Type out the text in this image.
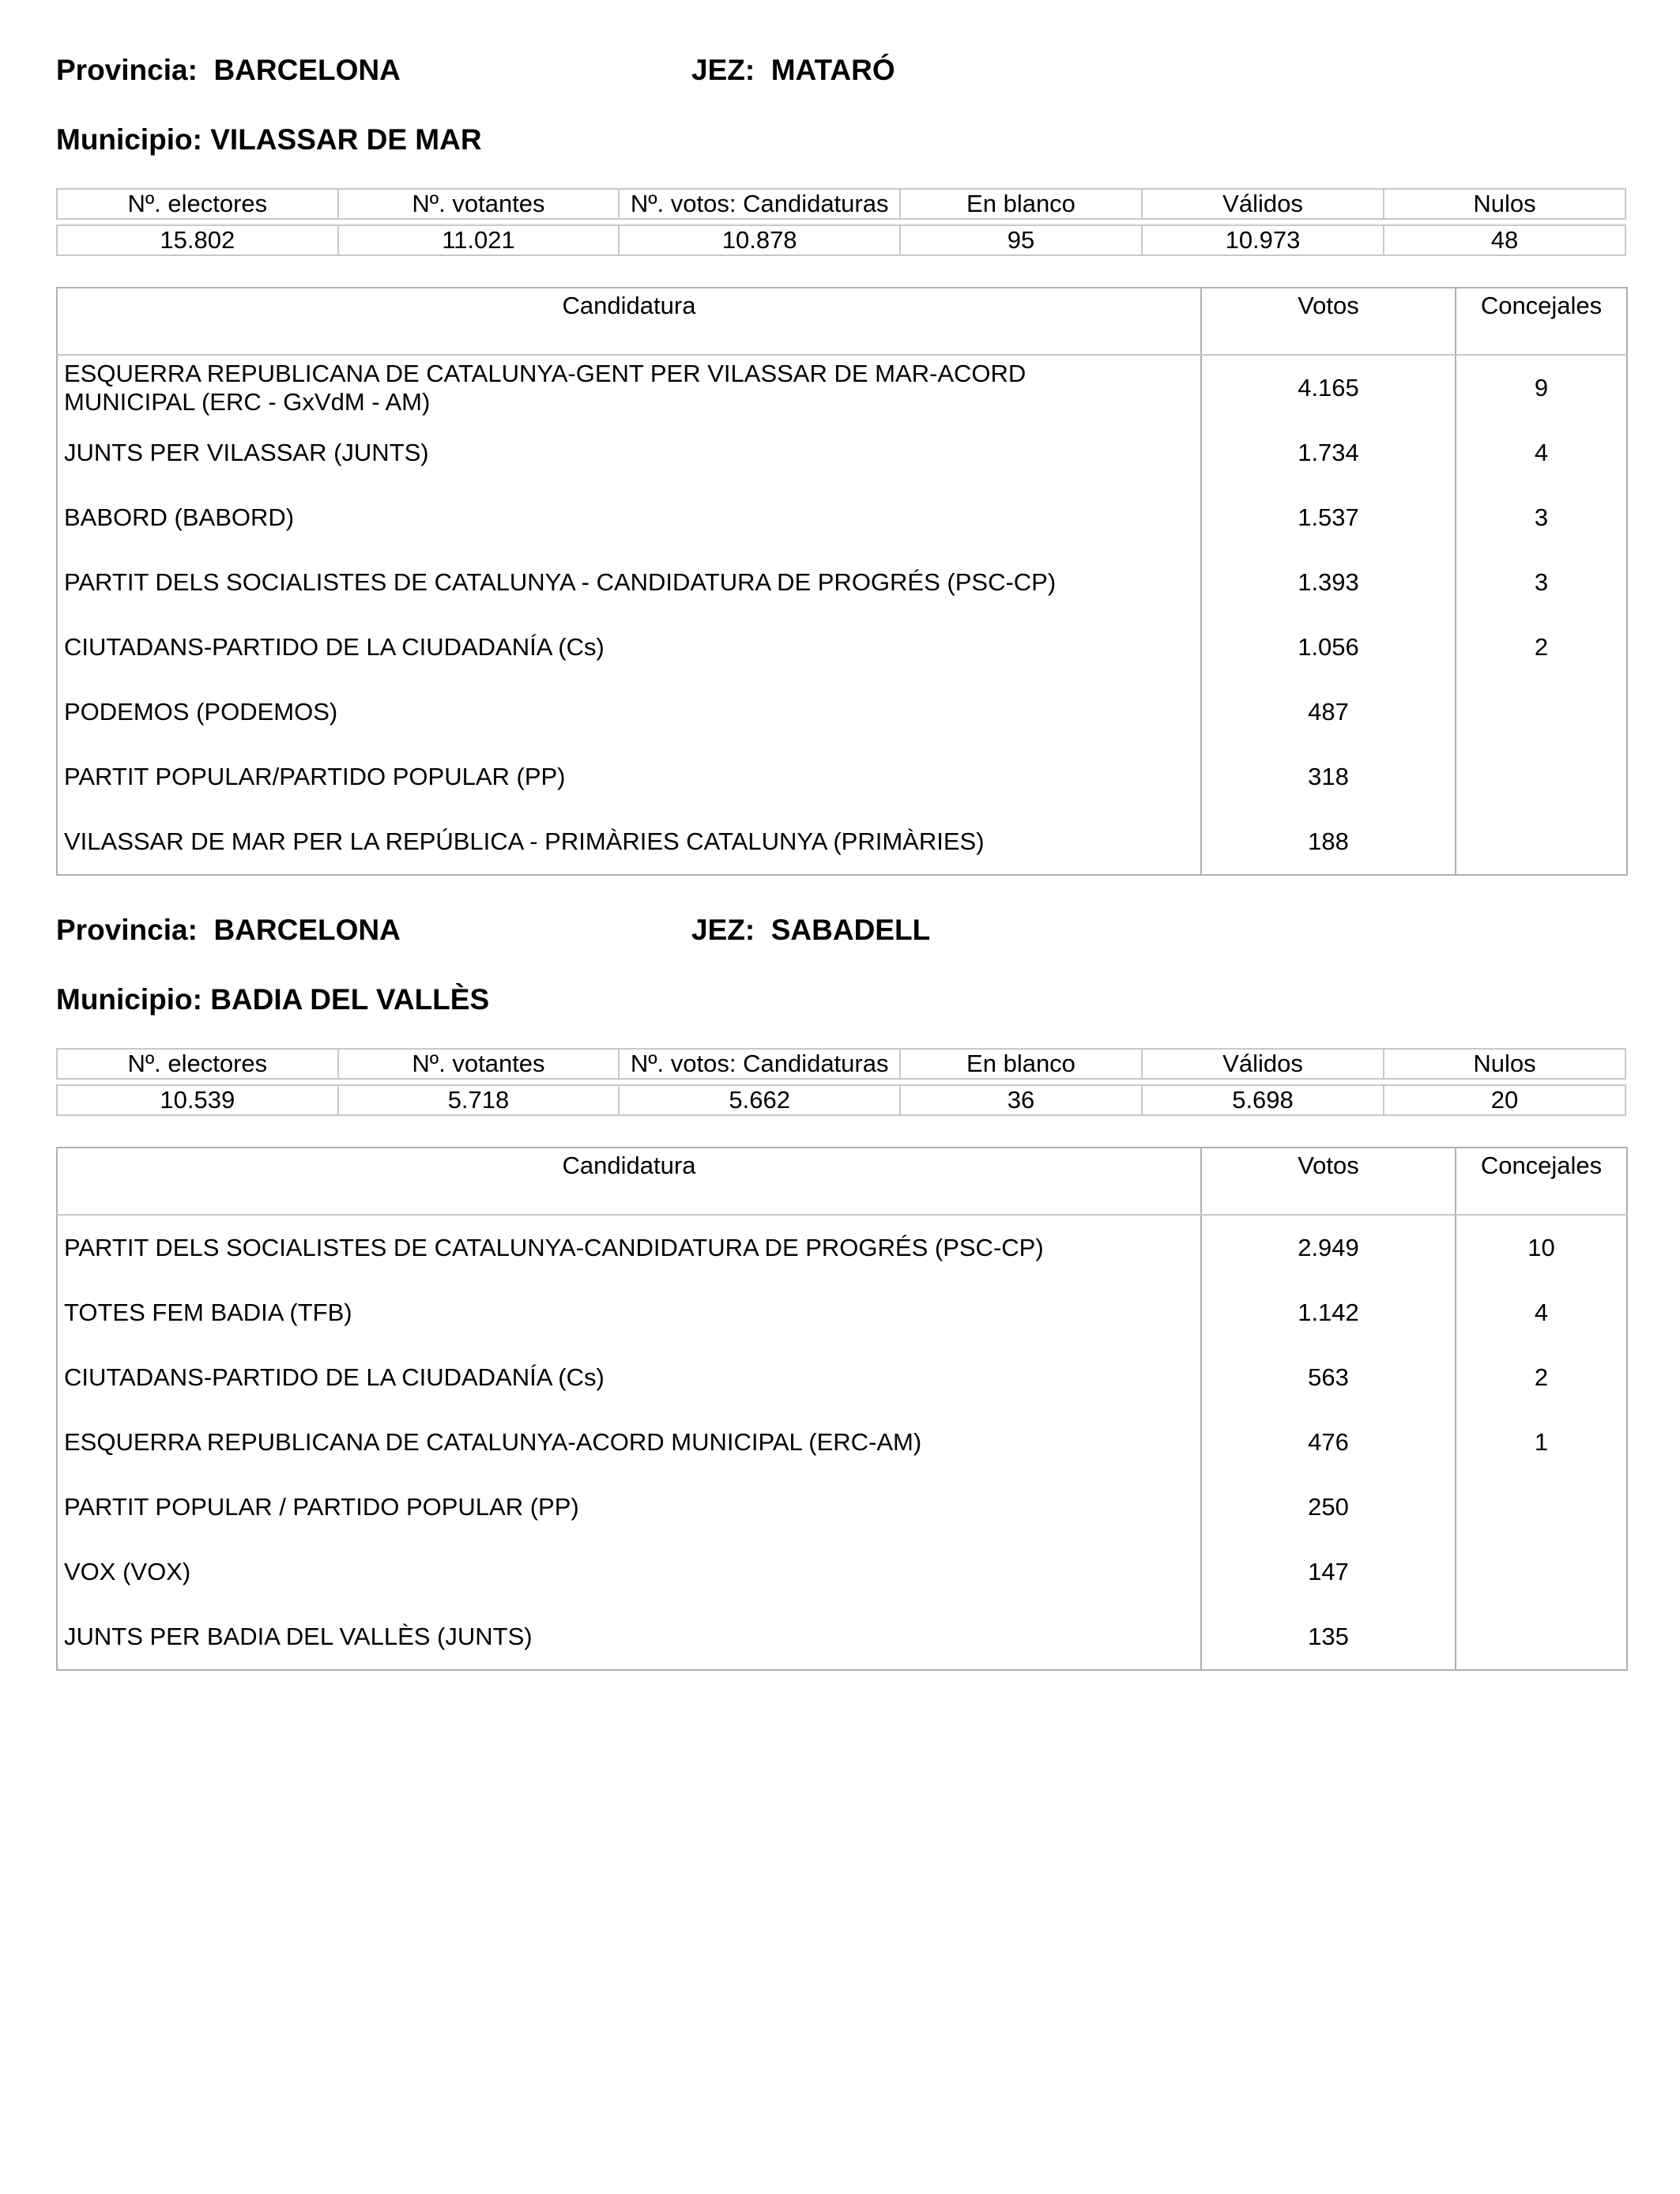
Provincia:  BARCELONA	JEZ:  MATARÓ
Municipio: VILASSAR DE MAR
Nº. electores	Nº. votantes	Nº. votos: Candidaturas	En blanco	Válidos	Nulos

15.802	11.021	10.878	95	10.973	48
Candidatura	Votos	Concejales
ESQUERRA REPUBLICANA DE CATALUNYA-GENT PER VILASSAR DE MAR-ACORD MUNICIPAL (ERC - GxVdM - AM)	4.165	9
JUNTS PER VILASSAR (JUNTS)	1.734	4
BABORD (BABORD)	1.537	3
PARTIT DELS SOCIALISTES DE CATALUNYA - CANDIDATURA DE PROGRÉS (PSC-CP)	1.393	3
CIUTADANS-PARTIDO DE LA CIUDADANÍA (Cs)	1.056	2
PODEMOS (PODEMOS)	487	
PARTIT POPULAR/PARTIDO POPULAR (PP)	318	
VILASSAR DE MAR PER LA REPÚBLICA - PRIMÀRIES CATALUNYA (PRIMÀRIES)	188	
Provincia:  BARCELONA	JEZ:  SABADELL
Municipio: BADIA DEL VALLÈS
Nº. electores	Nº. votantes	Nº. votos: Candidaturas	En blanco	Válidos	Nulos

10.539	5.718	5.662	36	5.698	20
Candidatura	Votos	Concejales
PARTIT DELS SOCIALISTES DE CATALUNYA-CANDIDATURA DE PROGRÉS (PSC-CP)	2.949	10
TOTES FEM BADIA (TFB)	1.142	4
CIUTADANS-PARTIDO DE LA CIUDADANÍA (Cs)	563	2
ESQUERRA REPUBLICANA DE CATALUNYA-ACORD MUNICIPAL (ERC-AM)	476	1
PARTIT POPULAR / PARTIDO POPULAR (PP)	250	
VOX (VOX)	147	
JUNTS PER BADIA DEL VALLÈS (JUNTS)	135	
